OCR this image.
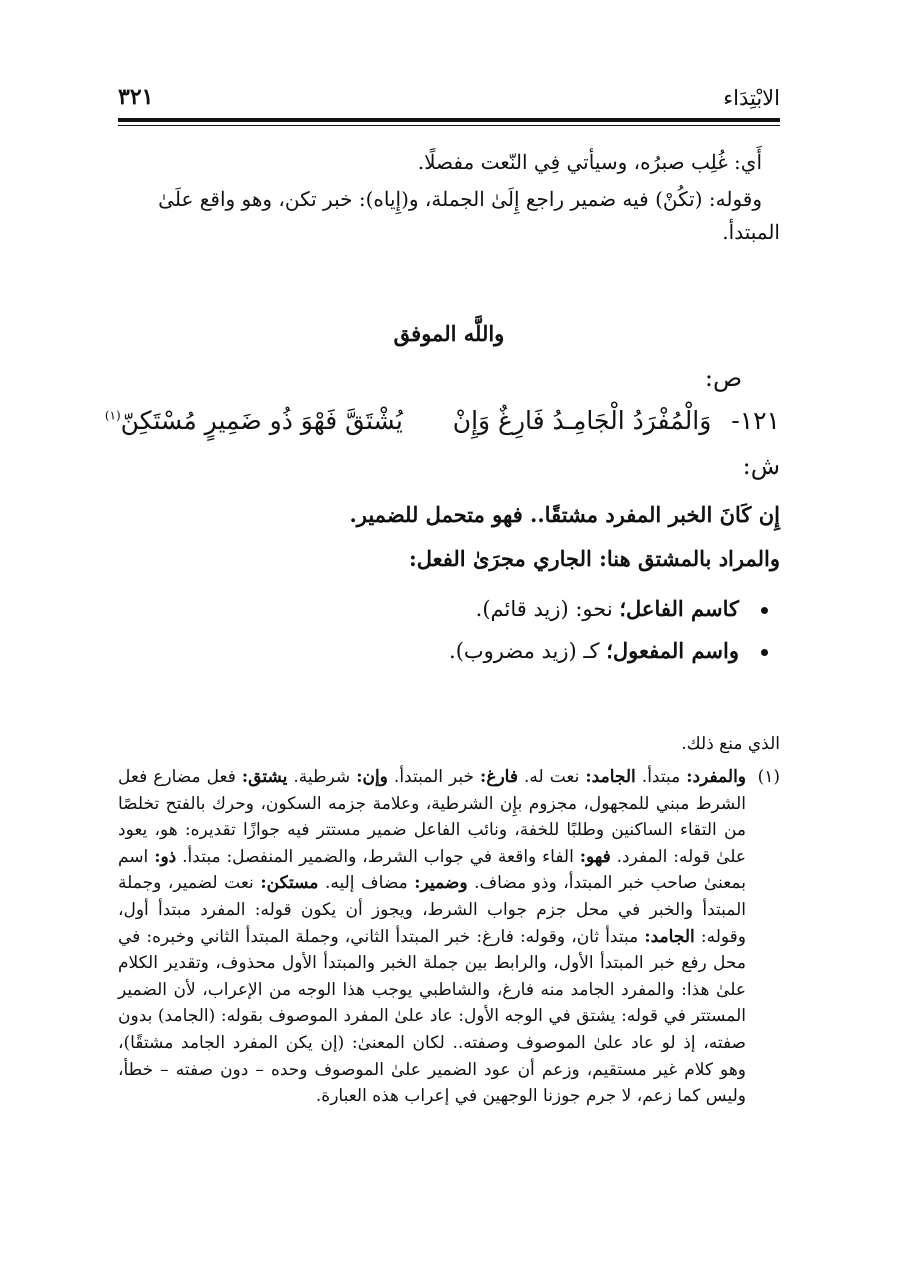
الابْتِدَاء
٣٢١
أَي: غُلِب صبرُه، وسيأتي فِي النّعت مفصلًا.
وقوله: (تكُنْ) فيه ضمير راجع إِلَىٰ الجملة، و(إِياه): خبر تكن، وهو واقع علَىٰ
المبتدأ.
واللَّه الموفق
ص:
١٢١- وَالْمُفْرَدُ الْجَامِـدُ فَارِغٌ وَإِنْ  يُشْتَقَّ فَهْوَ ذُو ضَمِيرٍ مُسْتَكِنّ$^{(١)}$
ش:
إِن كَانَ الخبر المفرد مشتقًا.. فهو متحمل للضمير.
والمراد بالمشتق هنا: الجاري مجرَىٰ الفعل:
كاسم الفاعل؛ نحو: (زيد قائم).
واسم المفعول؛ كـ (زيد مضروب).
الذي منع ذلك.
(١)
والمفرد: مبتدأ. الجامد: نعت له. فارغ: خبر المبتدأ. وإن: شرطية. يشتق: فعل مضارع فعل الشرط مبني للمجهول، مجزوم بإِن الشرطية، وعلامة جزمه السكون، وحرك بالفتح تخلصًا من التقاء الساكنين وطلبًا للخفة، ونائب الفاعل ضمير مستتر فيه جوازًا تقديره: هو، يعود علىٰ قوله: المفرد. فهو: الفاء واقعة في جواب الشرط، والضمير المنفصل: مبتدأ. ذو: اسم بمعنىٰ صاحب خبر المبتدأ، وذو مضاف. وضمير: مضاف إليه. مستكن: نعت لضمير، وجملة المبتدأ والخبر في محل جزم جواب الشرط، ويجوز أن يكون قوله: المفرد مبتدأ أول، وقوله: الجامد: مبتدأ ثان، وقوله: فارغ: خبر المبتدأ الثاني، وجملة المبتدأ الثاني وخبره: في محل رفع خبر المبتدأ الأول، والرابط بين جملة الخبر والمبتدأ الأول محذوف، وتقدير الكلام علىٰ هذا: والمفرد الجامد منه فارغ، والشاطبي يوجب هذا الوجه من الإعراب، لأن الضمير المستتر في قوله: يشتق في الوجه الأول: عاد علىٰ المفرد الموصوف بقوله: (الجامد) بدون صفته، إذ لو عاد علىٰ الموصوف وصفته.. لكان المعنىٰ: (إن يكن المفرد الجامد مشتقًا)، وهو كلام غير مستقيم، وزعم أن عود الضمير علىٰ الموصوف وحده – دون صفته – خطأ، وليس كما زعم، لا جرم جوزنا الوجهين في إعراب هذه العبارة.
